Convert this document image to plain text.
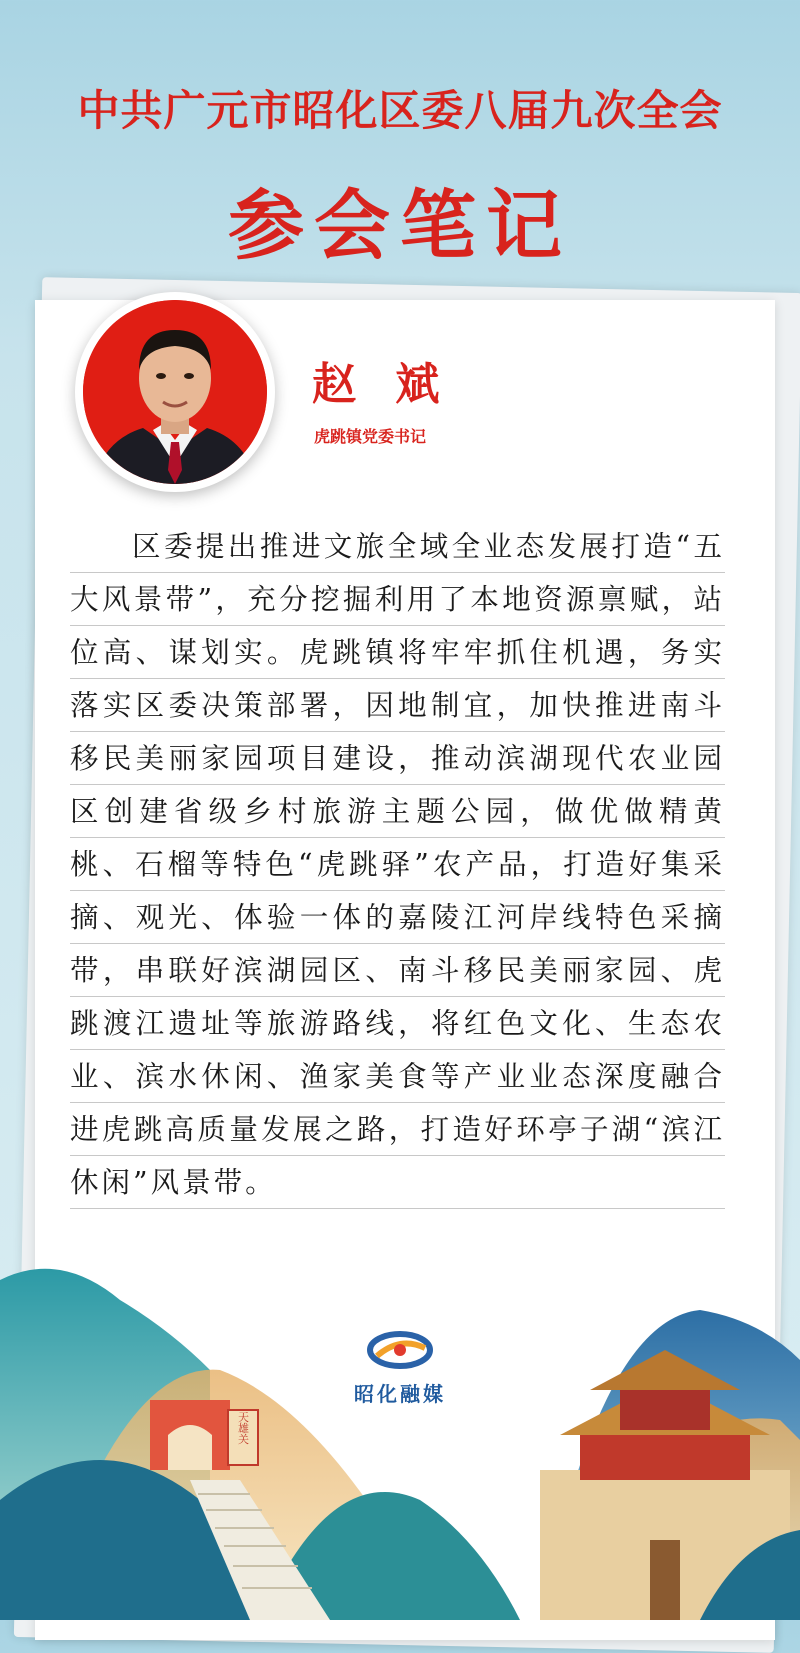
中共广元市昭化区委八届九次全会
参会笔记
赵 斌
虎跳镇党委书记
区委提出推进文旅全域全业态发展打造“五大风景带”，充分挖掘利用了本地资源禀赋，站位高、谋划实。虎跳镇将牢牢抓住机遇，务实落实区委决策部署，因地制宜，加快推进南斗移民美丽家园项目建设，推动滨湖现代农业园区创建省级乡村旅游主题公园，做优做精黄桃、石榴等特色“虎跳驿”农产品，打造好集采摘、观光、体验一体的嘉陵江河岸线特色采摘带，串联好滨湖园区、南斗移民美丽家园、虎跳渡江遗址等旅游路线，将红色文化、生态农业、滨水休闲、渔家美食等产业业态深度融合进虎跳高质量发展之路，打造好环亭子湖“滨江休闲”风景带。
天雄关
昭化融媒
